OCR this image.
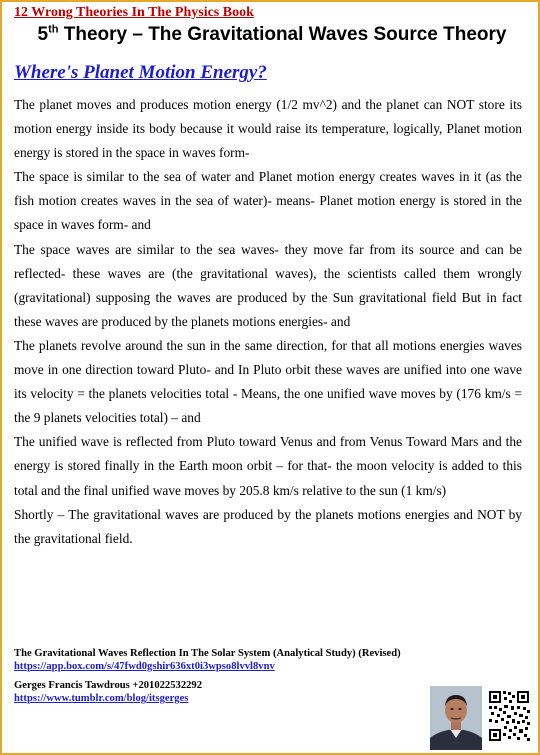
12 Wrong Theories In The Physics Book
5th Theory – The Gravitational Waves Source Theory
Where's Planet Motion Energy?

The planet moves and produces motion energy (1/2 mv^2) and the planet can NOT store its motion energy inside its body because it would raise its temperature, logically, Planet motion energy is stored in the space in waves form-

The space is similar to the sea of water and Planet motion energy creates waves in it (as the fish motion creates waves in the sea of water)- means- Planet motion energy is stored in the space in waves form- and

The space waves are similar to the sea waves- they move far from its source and can be reflected- these waves are (the gravitational waves), the scientists called them wrongly (gravitational) supposing the waves are produced by the Sun gravitational field But in fact these waves are produced by the planets motions energies- and

The planets revolve around the sun in the same direction, for that all motions energies waves move in one direction toward Pluto- and In Pluto orbit these waves are unified into one wave its velocity = the planets velocities total - Means, the one unified wave moves by (176 km/s = the 9 planets velocities total) – and

The unified wave is reflected from Pluto toward Venus and from Venus Toward Mars and the energy is stored finally in the Earth moon orbit – for that- the moon velocity is added to this total and the final unified wave moves by 205.8 km/s relative to the sun (1 km/s)

Shortly – The gravitational waves are produced by the planets motions energies and NOT by the gravitational field.

The Gravitational Waves Reflection In The Solar System (Analytical Study) (Revised)
https://app.box.com/s/47fwd0gshir636xt0i3wpso8lvvl8vnv
Gerges Francis Tawdrous +201022532292
https://www.tumblr.com/blog/itsgerges
